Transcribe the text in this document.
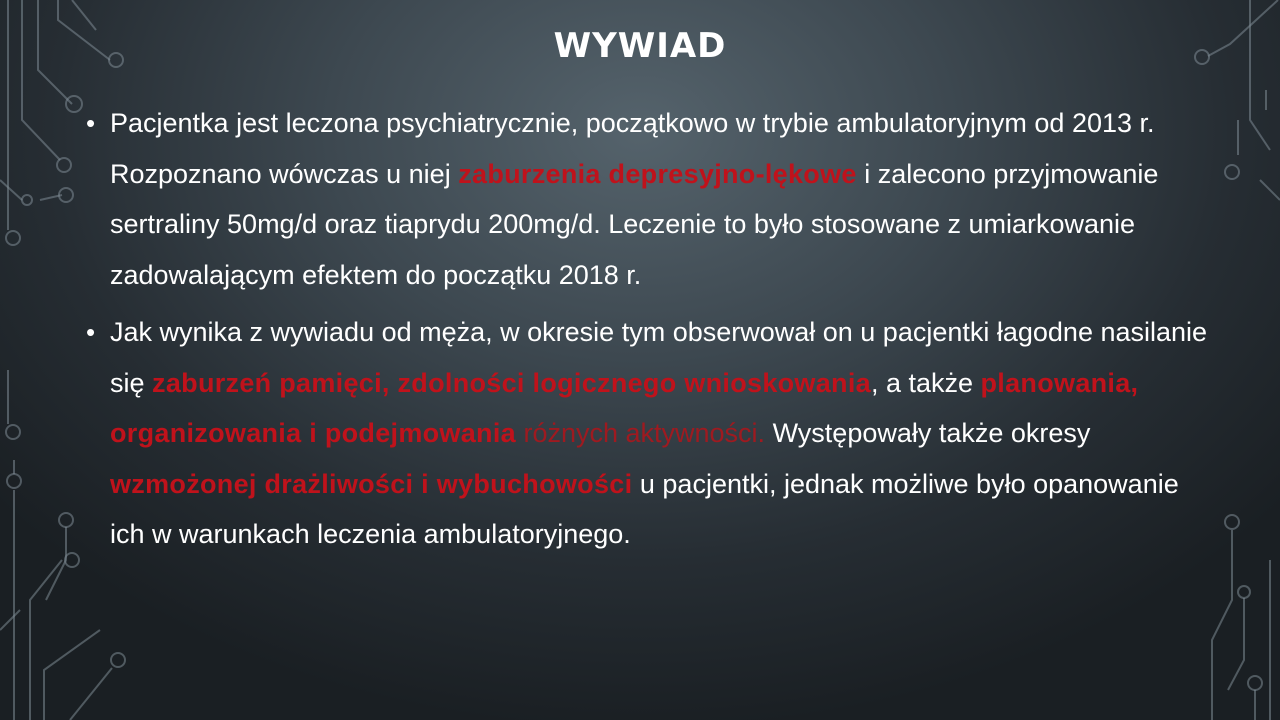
WYWIAD
• Pacjentka jest leczona psychiatrycznie, początkowo w trybie ambulatoryjnym od 2013 r. Rozpoznano wówczas u niej zaburzenia depresyjno-lękowe i zalecono przyjmowanie sertraliny 50mg/d oraz tiaprydu 200mg/d. Leczenie to było stosowane z umiarkowanie zadowalającym efektem do początku 2018 r.
• Jak wynika z wywiadu od męża, w okresie tym obserwował on u pacjentki łagodne nasilanie się zaburzeń pamięci, zdolności logicznego wnioskowania, a także planowania, organizowania i podejmowania różnych aktywności. Występowały także okresy wzmożonej drażliwości i wybuchowości u pacjentki, jednak możliwe było opanowanie ich w warunkach leczenia ambulatoryjnego.
